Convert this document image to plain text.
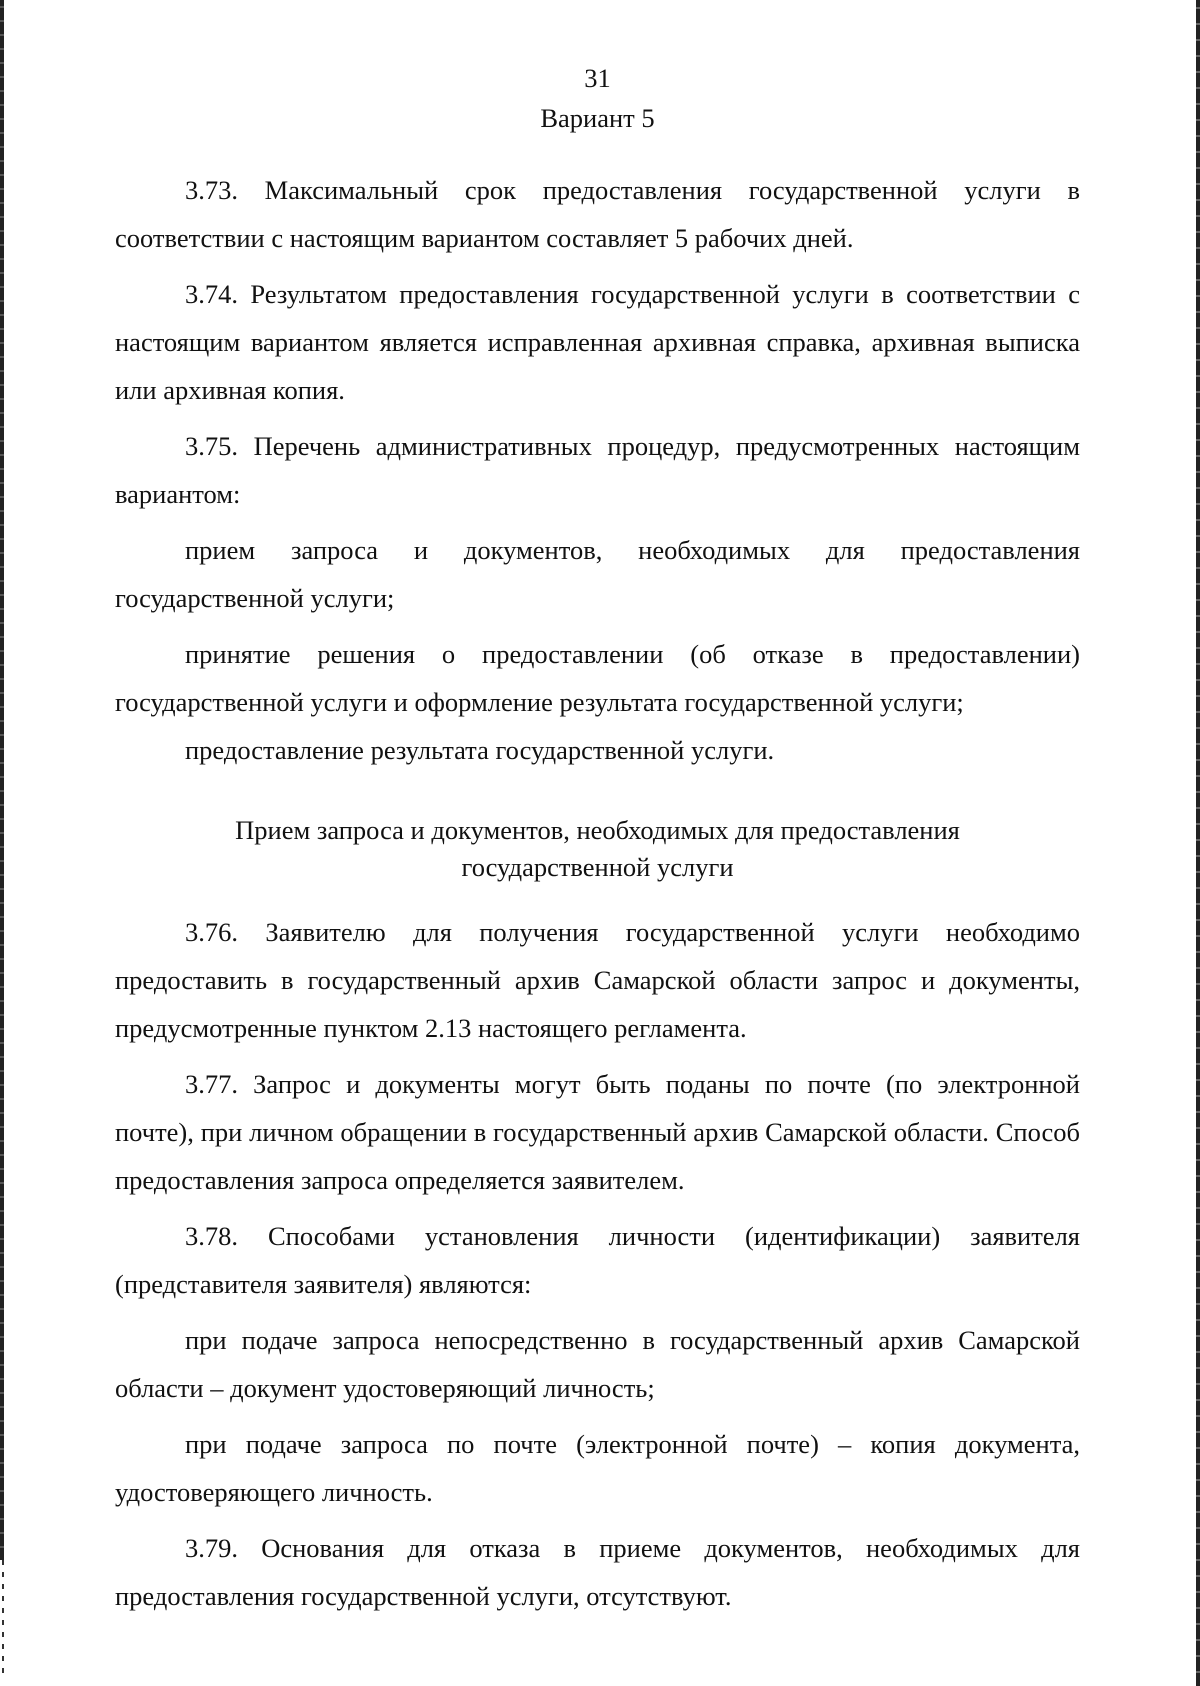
31
Вариант 5

3.73. Максимальный срок предоставления государственной услуги в соответствии с настоящим вариантом составляет 5 рабочих дней.

3.74. Результатом предоставления государственной услуги в соответствии с настоящим вариантом является исправленная архивная справка, архивная выписка или архивная копия.

3.75. Перечень административных процедур, предусмотренных настоящим вариантом:

прием запроса и документов, необходимых для предоставления государственной услуги;

принятие решения о предоставлении (об отказе в предоставлении) государственной услуги и оформление результата государственной услуги;

предоставление результата государственной услуги.

Прием запроса и документов, необходимых для предоставления
государственной услуги

3.76. Заявителю для получения государственной услуги необходимо предоставить в государственный архив Самарской области запрос и документы, предусмотренные пунктом 2.13 настоящего регламента.

3.77. Запрос и документы могут быть поданы по почте (по электронной почте), при личном обращении в государственный архив Самарской области. Способ предоставления запроса определяется заявителем.

3.78. Способами установления личности (идентификации) заявителя (представителя заявителя) являются:

при подаче запроса непосредственно в государственный архив Самарской области – документ удостоверяющий личность;

при подаче запроса по почте (электронной почте) – копия документа, удостоверяющего личность.

3.79. Основания для отказа в приеме документов, необходимых для предоставления государственной услуги, отсутствуют.
